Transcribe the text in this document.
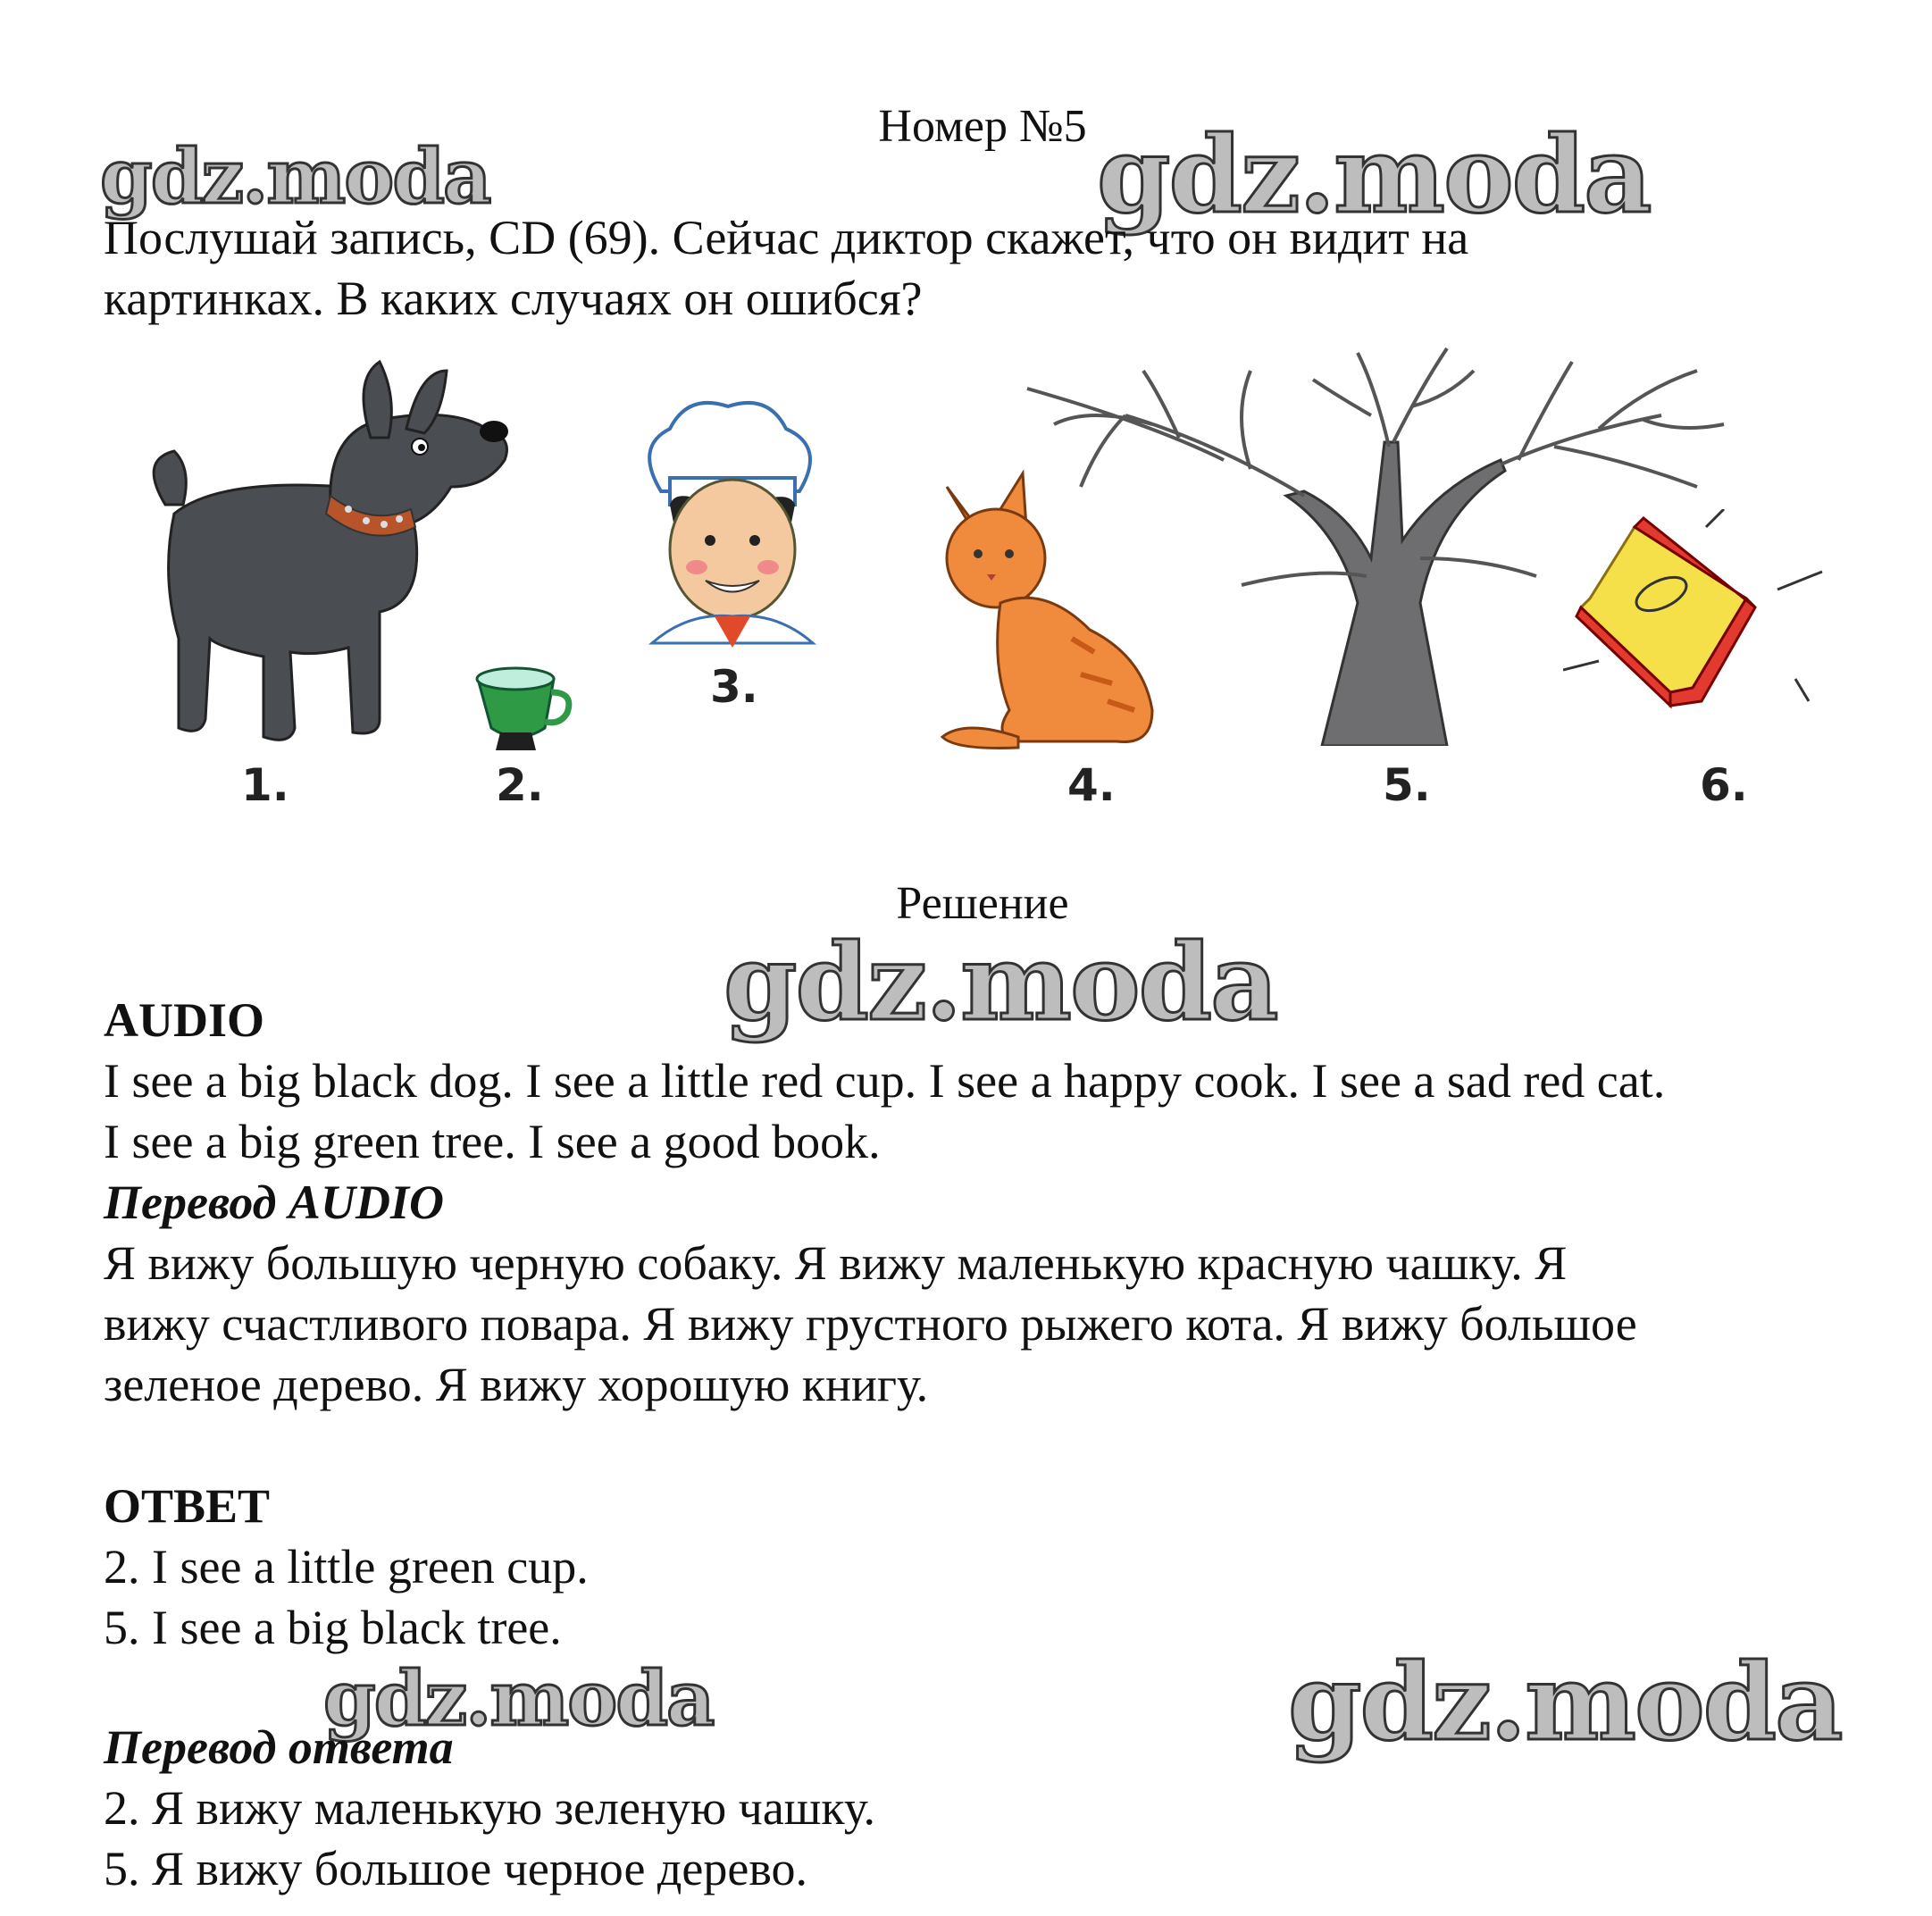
Номер №5
gdz.moda	gdz.moda
gdz.moda
gdz.moda	gdz.moda
Послушай запись, CD (69). Сейчас диктор скажет, что он видит на
картинках. В каких случаях он ошибся?
1.	2.
3.
4.	5.	6.
Решение
AUDIO
I see a big black dog. I see a little red cup. I see a happy cook. I see a sad red cat.
I see a big green tree. I see a good book.
Перевод AUDIO
Я вижу большую черную собаку. Я вижу маленькую красную чашку. Я
вижу счастливого повара. Я вижу грустного рыжего кота. Я вижу большое
зеленое дерево. Я вижу хорошую книгу.
ОТВЕТ
2. I see a little green cup.
5. I see a big black tree.
Перевод ответа
2. Я вижу маленькую зеленую чашку.
5. Я вижу большое черное дерево.
